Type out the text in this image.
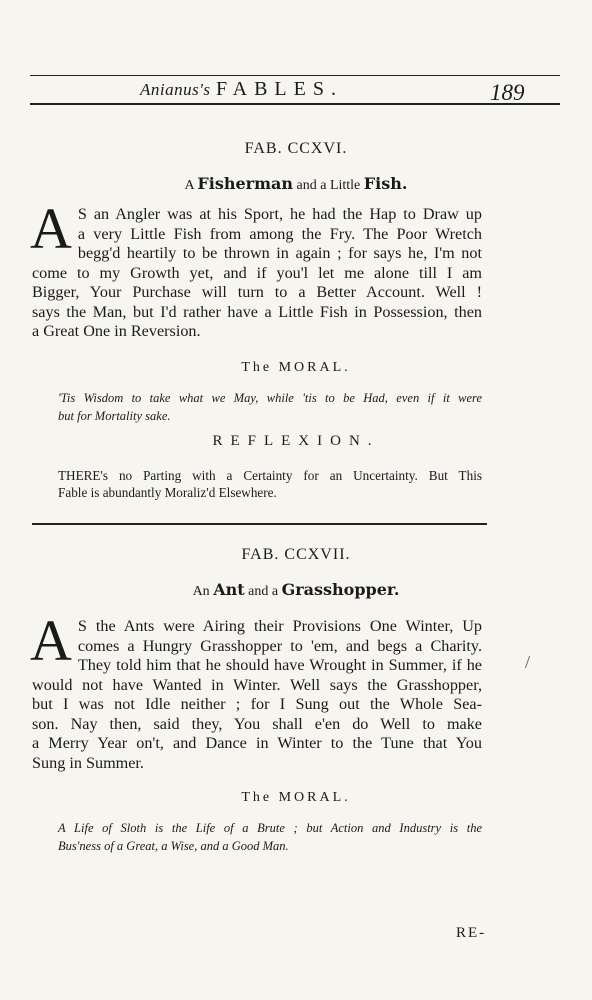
Anianus's FABLES.	189
FAB. CCXVI.
A Fisherman and a Little Fish.
A S an Angler was at his Sport, he had the Hap to Draw up
a very Little Fish from among the Fry. The Poor Wretch
begg'd heartily to be thrown in again ; for says he, I'm not
come to my Growth yet, and if you'l let me alone till I am
Bigger, Your Purchase will turn to a Better Account. Well !
says the Man, but I'd rather have a Little Fish in Possession, then
a Great One in Reversion.
The MORAL.
'Tis Wisdom to take what we May, while 'tis to be Had, even if it were
but for Mortality sake.
REFLEXION.
THERE's no Parting with a Certainty for an Uncertainty. But This
Fable is abundantly Moraliz'd Elsewhere.
FAB. CCXVII.
An Ant and a Grasshopper.
A S the Ants were Airing their Provisions One Winter, Up
comes a Hungry Grasshopper to 'em, and begs a Charity.
They told him that he should have Wrought in Summer, if he
would not have Wanted in Winter. Well says the Grasshopper,
but I was not Idle neither ; for I Sung out the Whole Sea-
son. Nay then, said they, You shall e'en do Well to make
a Merry Year on't, and Dance in Winter to the Tune that You
Sung in Summer.
The MORAL.
A Life of Sloth is the Life of a Brute ; but Action and Industry is the
Bus'ness of a Great, a Wise, and a Good Man.
/
RE-
